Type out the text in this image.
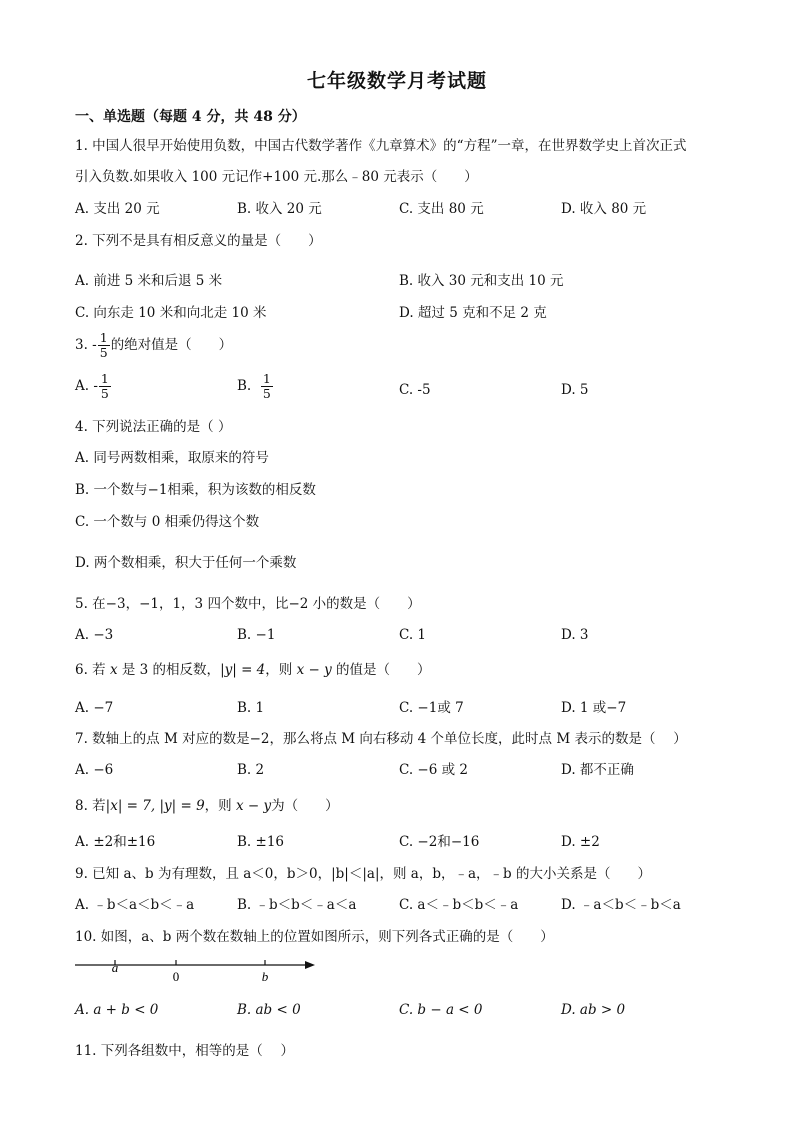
七年级数学月考试题
一、单选题（每题 4 分，共 48 分）
1. 中国人很早开始使用负数，中国古代数学著作《九章算术》的“方程”一章，在世界数学史上首次正式
引入负数.如果收入 100 元记作+100 元.那么﹣80 元表示（　　）
A. 支出 20 元	B. 收入 20 元	C. 支出 80 元	D. 收入 80 元
2. 下列不是具有相反意义的量是（　　）
A. 前进 5 米和后退 5 米	B. 收入 30 元和支出 10 元
C. 向东走 10 米和向北走 10 米	D. 超过 5 克和不足 2 克
3. - $\frac{1}{5}$ 的绝对值是（　　）
A. - $\frac{1}{5}$	B. $\frac{1}{5}$	C. -5	D. 5
4. 下列说法正确的是（ ）
A. 同号两数相乘，取原来的符号
B. 一个数与−1相乘，积为该数的相反数
C. 一个数与 0 相乘仍得这个数
D. 两个数相乘，积大于任何一个乘数
5. 在−3，−1，1，3 四个数中，比−2 小的数是（　　）
A. −3	B. −1	C. 1	D. 3
6. 若 x 是 3 的相反数，|y| = 4，则 x − y 的值是（　　）
A. −7	B. 1	C. −1或 7	D. 1 或−7
7. 数轴上的点 M 对应的数是−2，那么将点 M 向右移动 4 个单位长度，此时点 M 表示的数是（　 ）
A. −6	B. 2	C. −6 或 2	D. 都不正确
8. 若|x| = 7, |y| = 9，则 x − y为（　　）
A. ±2和±16	B. ±16	C. −2和−16	D. ±2
9. 已知 a、b 为有理数，且 a＜0，b＞0，|b|＜|a|，则 a，b，﹣a，﹣b 的大小关系是（　　）
A. ﹣b＜a＜b＜﹣a	B. ﹣b＜b＜﹣a＜a	C. a＜﹣b＜b＜﹣a	D. ﹣a＜b＜﹣b＜a
10. 如图，a、b 两个数在数轴上的位置如图所示，则下列各式正确的是（　　）
a
0	b
A. a + b < 0	B. ab < 0	C. b − a < 0	D. ab > 0
11. 下列各组数中，相等的是（　 ）
